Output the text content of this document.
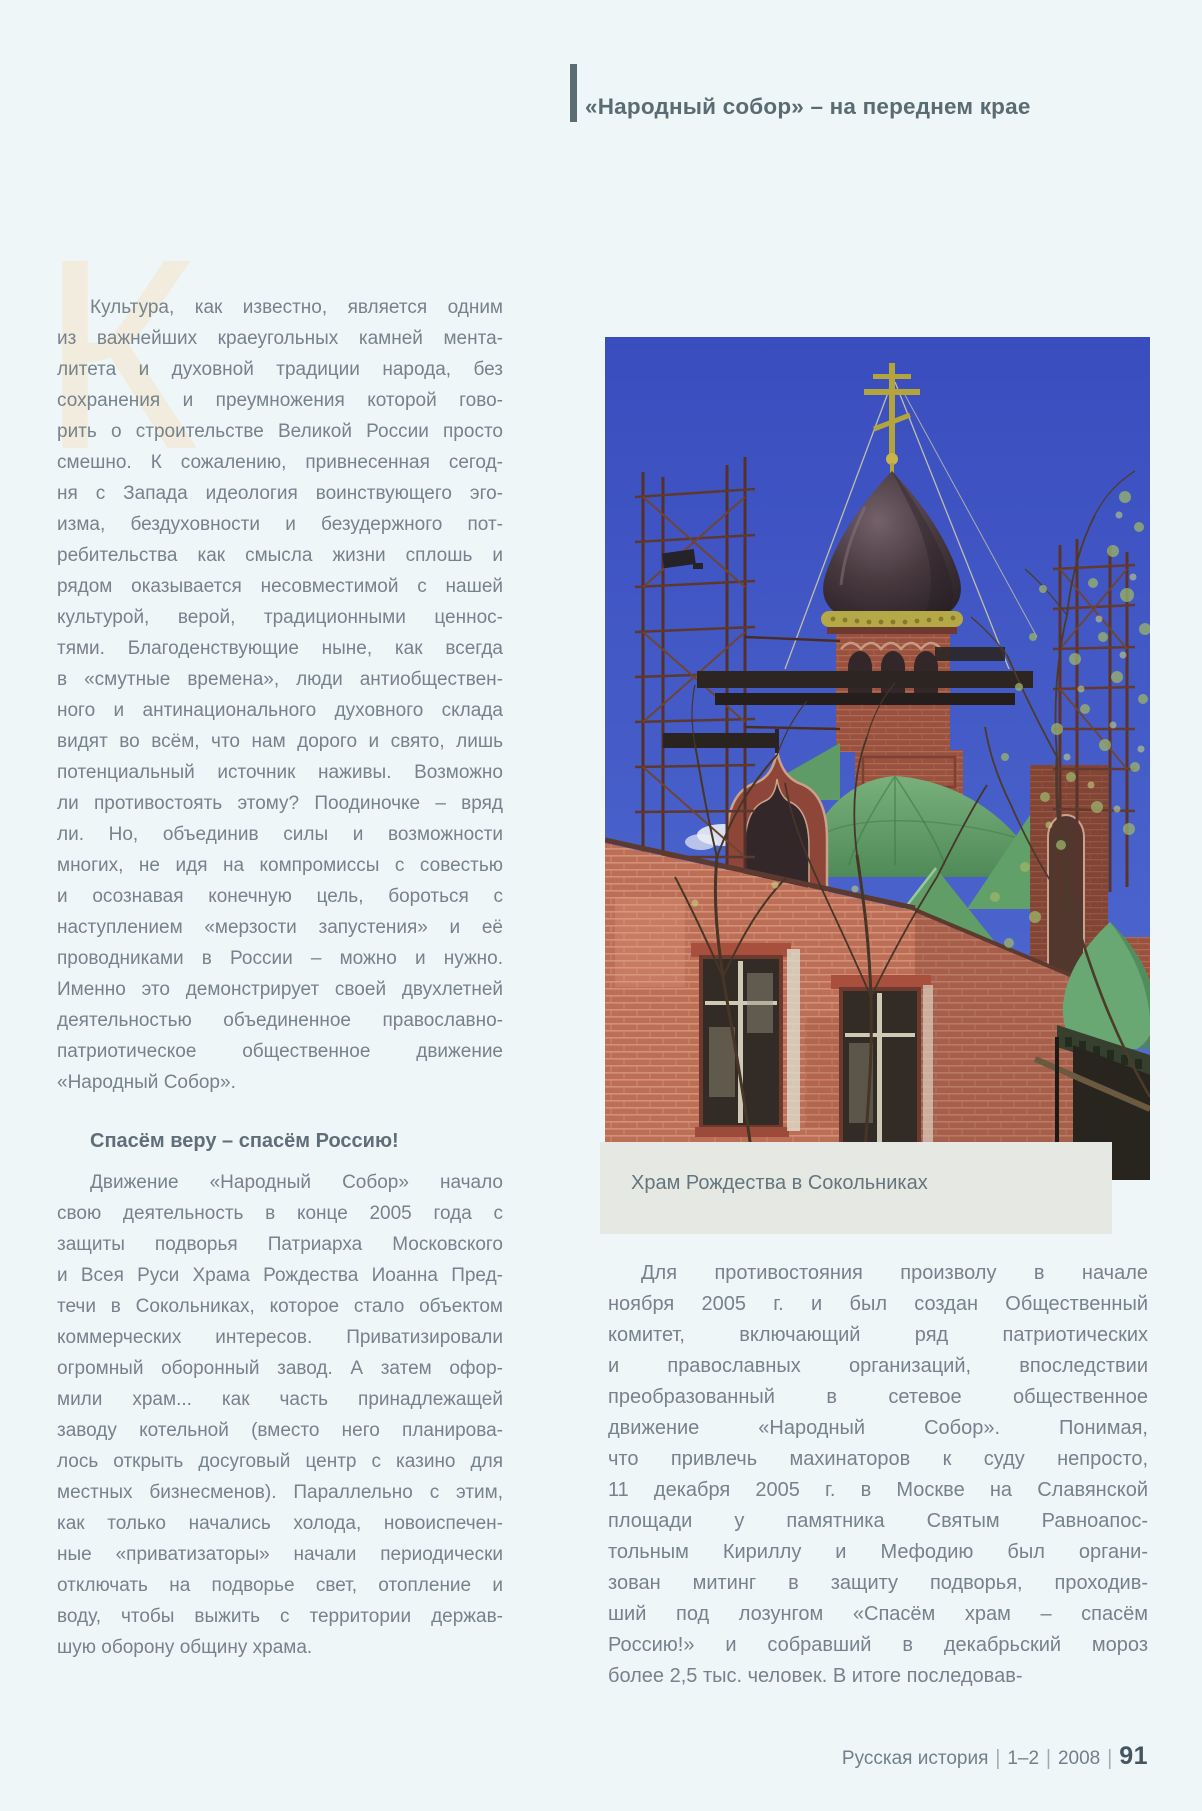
К
«Народный собор» – на переднем крае
Культура, как известно, является одним
из важнейших краеугольных камней мента-
литета и духовной традиции народа, без
сохранения и преумножения которой гово-
рить о строительстве Великой России просто
смешно. К сожалению, привнесенная сегод-
ня с Запада идеология воинствующего эго-
изма, бездуховности и безудержного пот-
ребительства как смысла жизни сплошь и
рядом оказывается несовместимой с нашей
культурой, верой, традиционными ценнос-
тями. Благоденствующие ныне, как всегда
в «смутные времена», люди антиобществен-
ного и антинационального духовного склада
видят во всём, что нам дорого и свято, лишь
потенциальный источник наживы. Возможно
ли противостоять этому? Поодиночке – вряд
ли. Но, объединив силы и возможности
многих, не идя на компромиссы с совестью
и осознавая конечную цель, бороться с
наступлением «мерзости запустения» и её
проводниками в России – можно и нужно.
Именно это демонстрирует своей двухлетней
деятельностью объединенное православно-
патриотическое общественное движение
«Народный Собор».
Спасём веру – спасём Россию!
Движение «Народный Собор» начало
свою деятельность в конце 2005 года с
защиты подворья Патриарха Московского
и Всея Руси Храма Рождества Иоанна Пред-
течи в Сокольниках, которое стало объектом
коммерческих интересов. Приватизировали
огромный оборонный завод. А затем офор-
мили храм... как часть принадлежащей
заводу котельной (вместо него планирова-
лось открыть досуговый центр с казино для
местных бизнесменов). Параллельно с этим,
как только начались холода, новоиспечен-
ные «приватизаторы» начали периодически
отключать на подворье свет, отопление и
воду, чтобы выжить с территории держав-
шую оборону общину храма.
Храм Рождества в Сокольниках
Для противостояния произволу в начале
ноября 2005 г. и был создан Общественный
комитет, включающий ряд патриотических
и православных организаций, впоследствии
преобразованный в сетевое общественное
движение «Народный Собор». Понимая,
что привлечь махинаторов к суду непросто,
11 декабря 2005 г. в Москве на Славянской
площади у памятника Святым Равноапос-
тольным Кириллу и Мефодию был органи-
зован митинг в защиту подворья, проходив-
ший под лозунгом «Спасём храм – спасём
Россию!» и собравший в декабрьский мороз
более 2,5 тыс. человек. В итоге последовав-
Русская история | 1–2 | 2008 | 91
